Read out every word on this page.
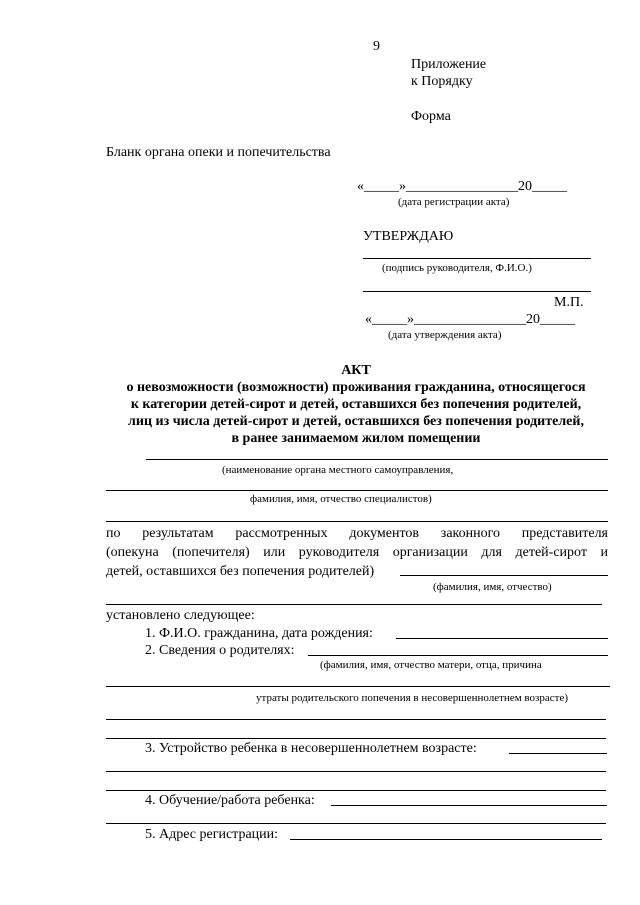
9
Приложение
к Порядку
Форма
Бланк органа опеки и попечительства
«_____»________________20_____
(дата регистрации акта)
УТВЕРЖДАЮ
(подпись руководителя, Ф.И.О.)
М.П.
«_____»________________20_____
(дата утверждения акта)
АКТ
о невозможности (возможности) проживания гражданина, относящегося
к категории детей-сирот и детей, оставшихся без попечения родителей,
лиц из числа детей-сирот и детей, оставшихся без попечения родителей,
в ранее занимаемом жилом помещении
(наименование органа местного самоуправления,
фамилия, имя, отчество специалистов)
по результатам рассмотренных документов законного представителя
(опекуна (попечителя) или руководителя организации для детей-сирот и
детей, оставшихся без попечения родителей)
(фамилия, имя, отчество)
установлено следующее:
1. Ф.И.О. гражданина, дата рождения:
2. Сведения о родителях:
(фамилия, имя, отчество матери, отца, причина
утраты родительского попечения в несовершеннолетнем возрасте)
3. Устройство ребенка в несовершеннолетнем возрасте:
4. Обучение/работа ребенка:
5. Адрес регистрации:
